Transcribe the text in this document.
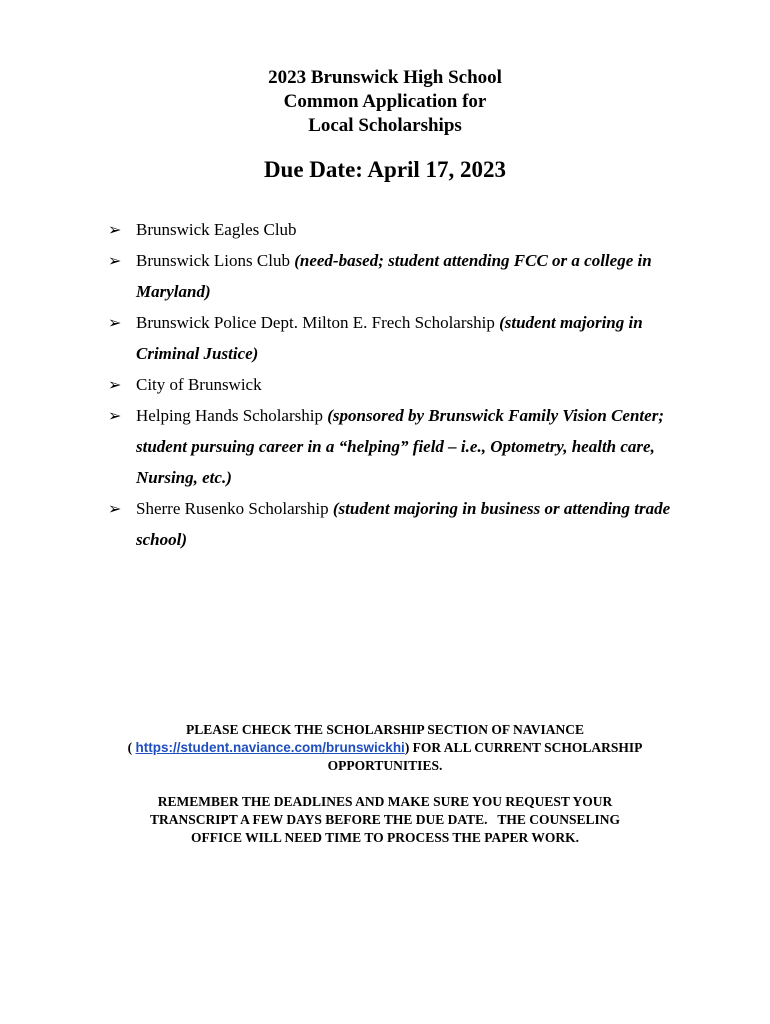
2023 Brunswick High School
Common Application for
Local Scholarships
Due Date: April 17, 2023
➢ Brunswick Eagles Club
➢ Brunswick Lions Club (need-based; student attending FCC or a college in Maryland)
➢ Brunswick Police Dept. Milton E. Frech Scholarship (student majoring in Criminal Justice)
➢ City of Brunswick
➢ Helping Hands Scholarship (sponsored by Brunswick Family Vision Center; student pursuing career in a “helping” field – i.e., Optometry, health care, Nursing, etc.)
➢ Sherre Rusenko Scholarship (student majoring in business or attending trade school)
PLEASE CHECK THE SCHOLARSHIP SECTION OF NAVIANCE
( https://student.naviance.com/brunswickhi) FOR ALL CURRENT SCHOLARSHIP
OPPORTUNITIES.
REMEMBER THE DEADLINES AND MAKE SURE YOU REQUEST YOUR
TRANSCRIPT A FEW DAYS BEFORE THE DUE DATE.   THE COUNSELING
OFFICE WILL NEED TIME TO PROCESS THE PAPER WORK.
